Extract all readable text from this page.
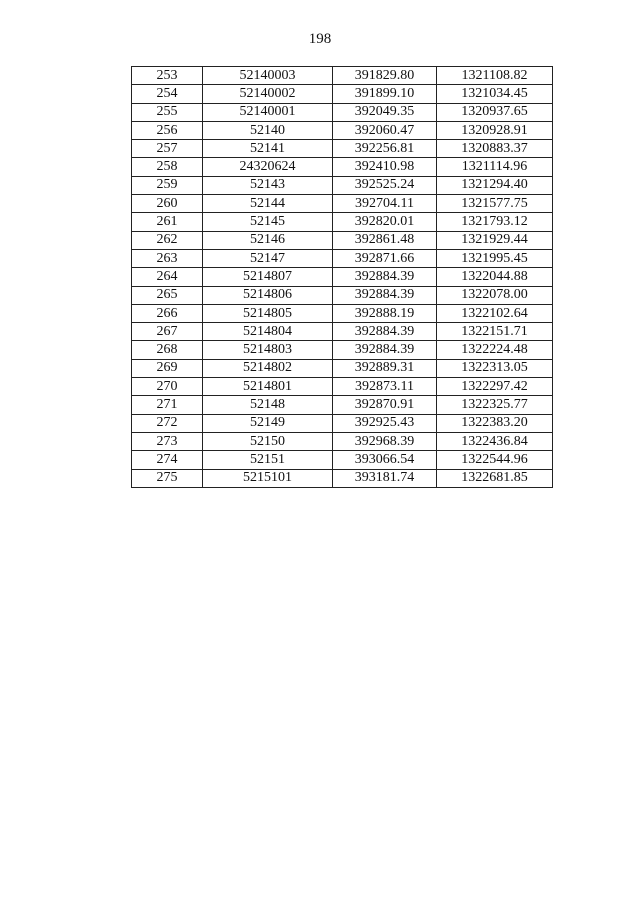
198
253	52140003	391829.80	1321108.82
254	52140002	391899.10	1321034.45
255	52140001	392049.35	1320937.65
256	52140	392060.47	1320928.91
257	52141	392256.81	1320883.37
258	24320624	392410.98	1321114.96
259	52143	392525.24	1321294.40
260	52144	392704.11	1321577.75
261	52145	392820.01	1321793.12
262	52146	392861.48	1321929.44
263	52147	392871.66	1321995.45
264	5214807	392884.39	1322044.88
265	5214806	392884.39	1322078.00
266	5214805	392888.19	1322102.64
267	5214804	392884.39	1322151.71
268	5214803	392884.39	1322224.48
269	5214802	392889.31	1322313.05
270	5214801	392873.11	1322297.42
271	52148	392870.91	1322325.77
272	52149	392925.43	1322383.20
273	52150	392968.39	1322436.84
274	52151	393066.54	1322544.96
275	5215101	393181.74	1322681.85
